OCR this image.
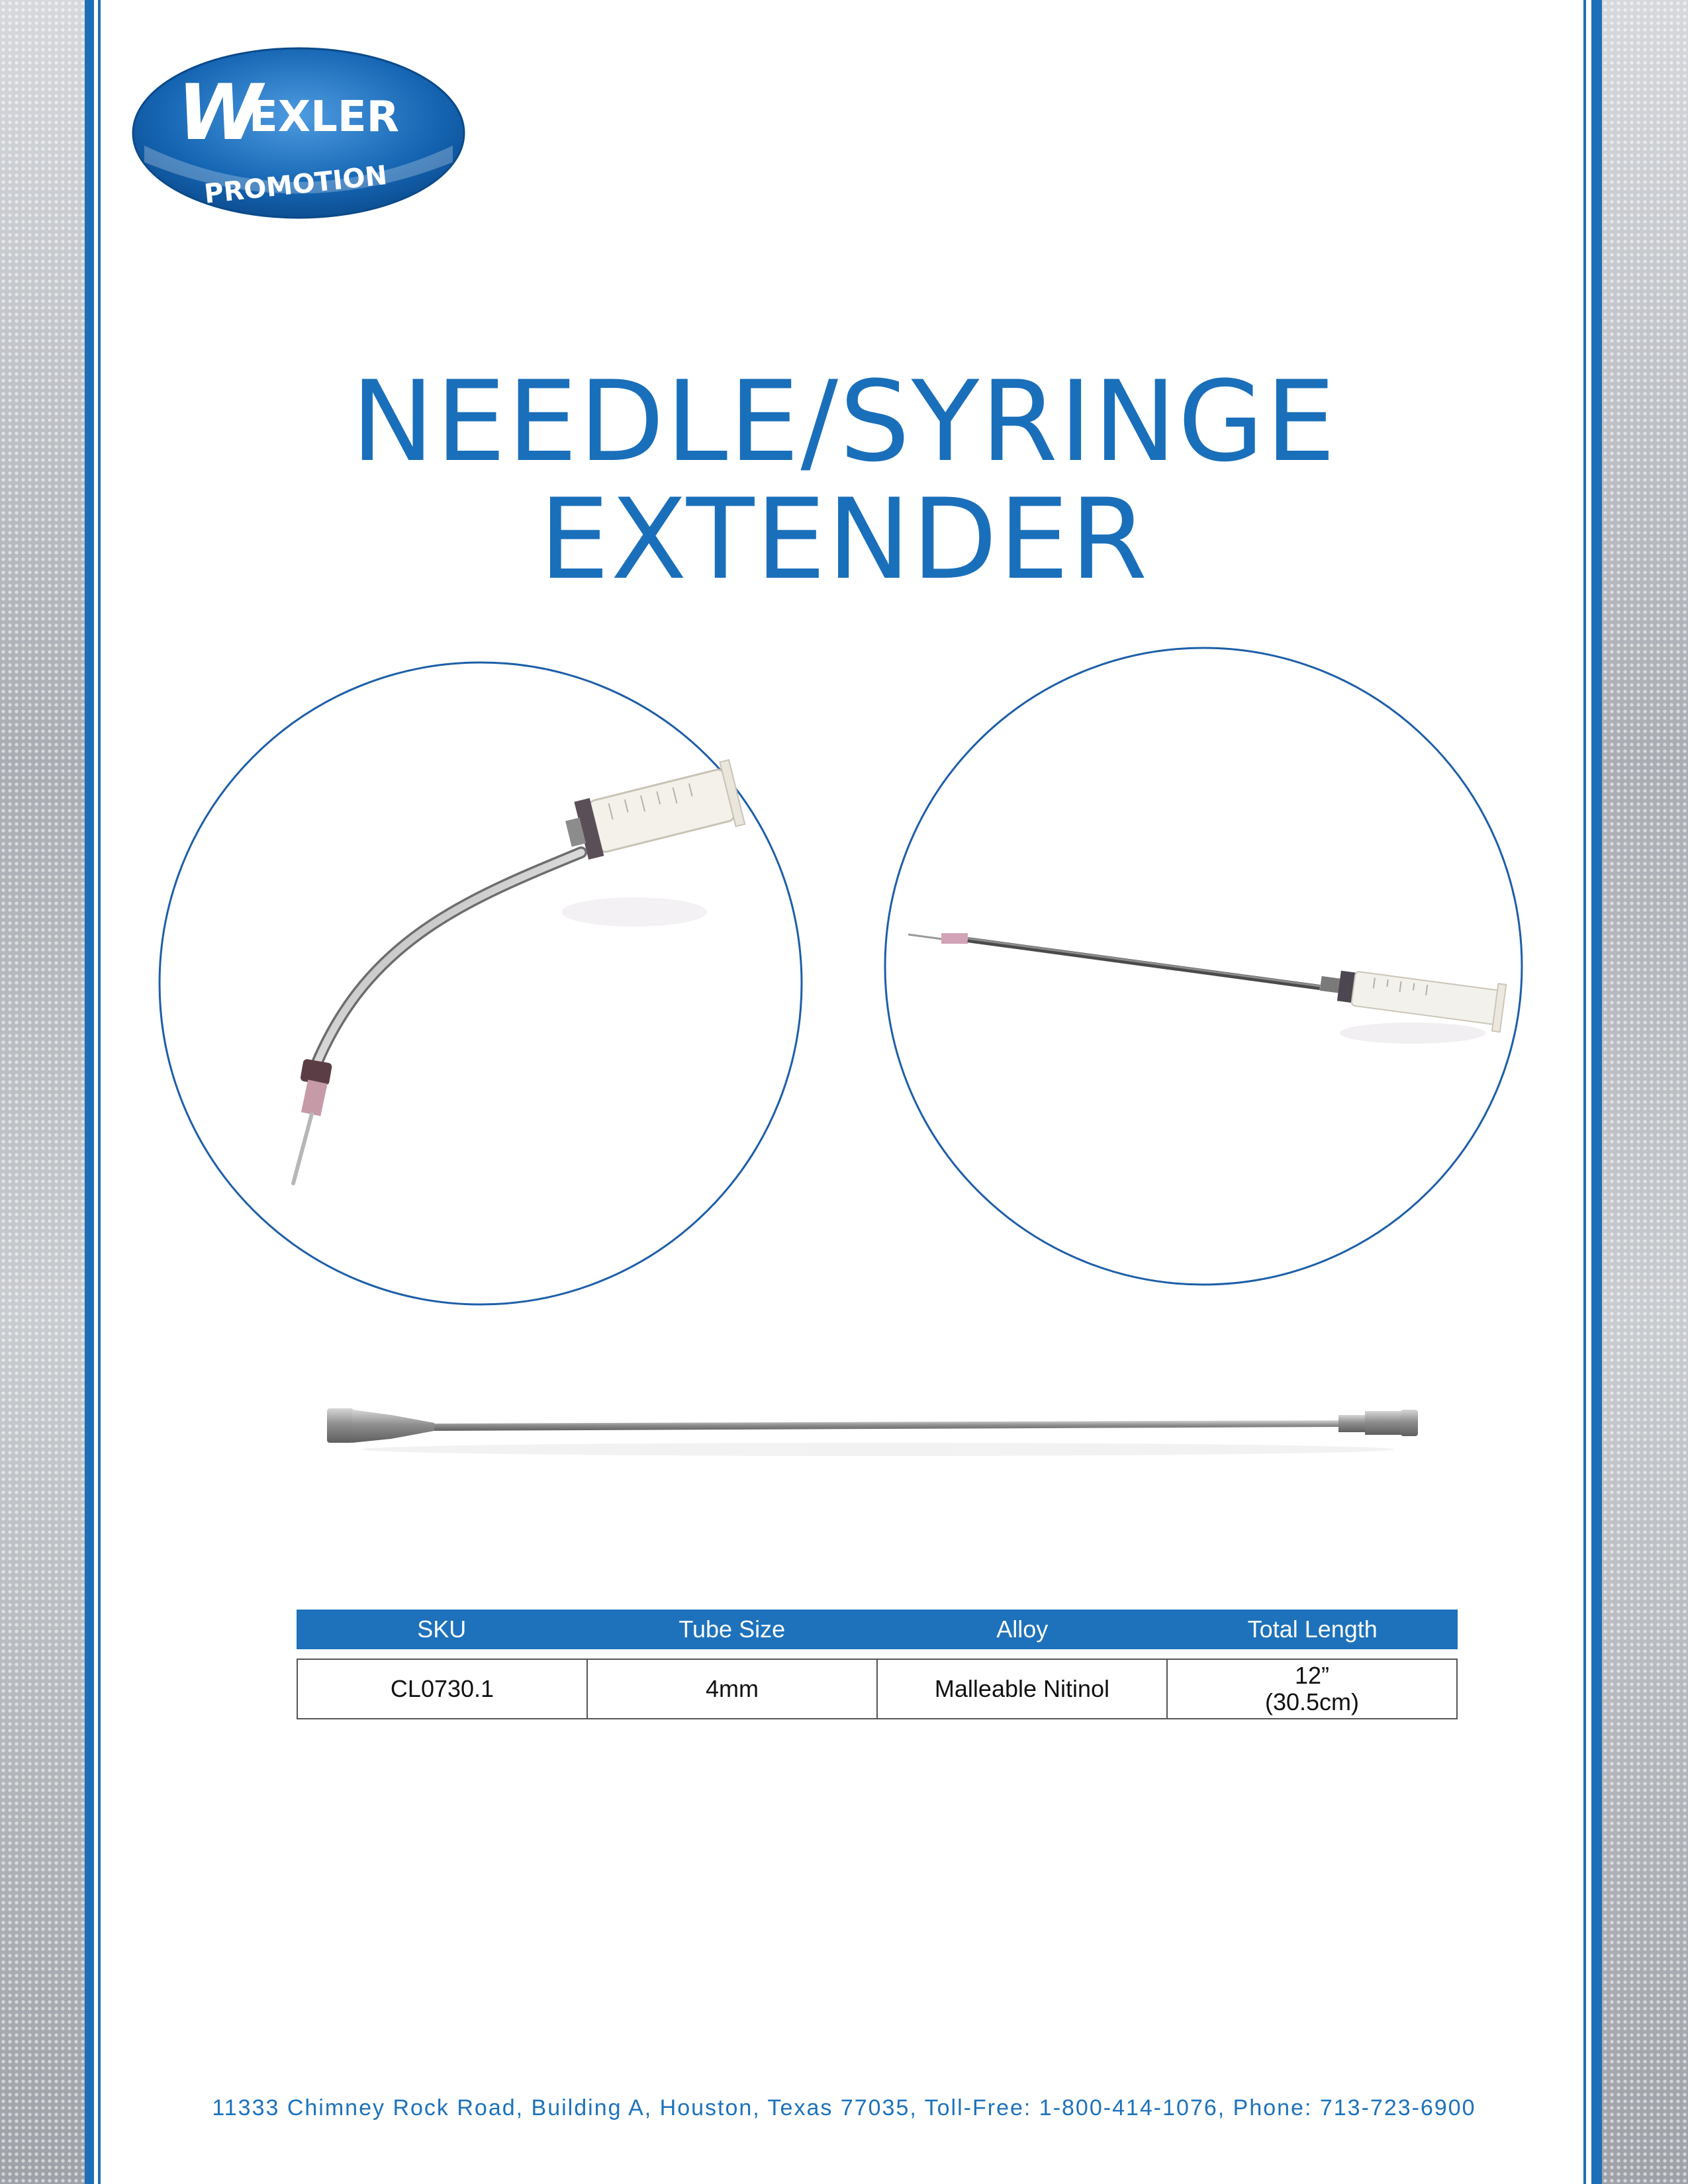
W
EXLER
PROMOTION
NEEDLE/SYRINGE
EXTENDER
SKU	Tube Size	Alloy	Total Length
CL0730.1	4mm	Malleable Nitinol	12”
(30.5cm)
11333 Chimney Rock Road, Building A, Houston, Texas 77035, Toll-Free: 1-800-414-1076, Phone: 713-723-6900
